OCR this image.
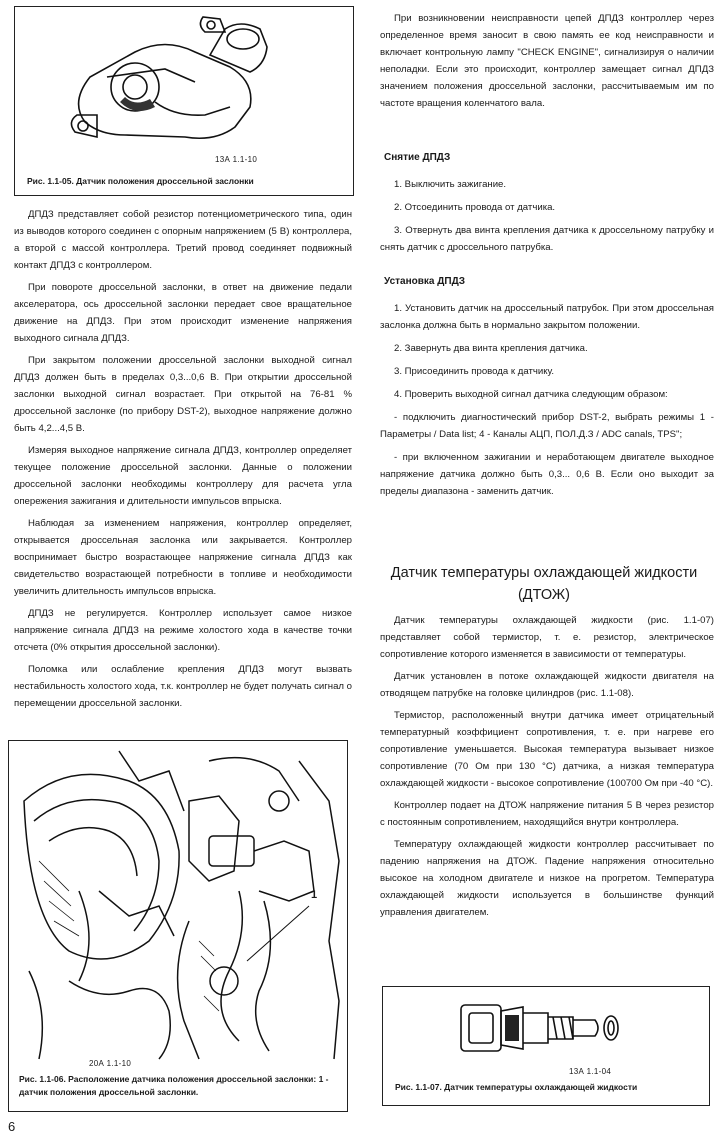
13А 1.1-10
Рис. 1.1-05. Датчик положения дроссельной заслонки

ДПДЗ представляет собой резистор потенциометрического типа, один из выводов которого соединен с опорным напряжением (5 В) контроллера, а второй с массой контроллера. Третий провод соединяет подвижный контакт ДПДЗ с контроллером.

При повороте дроссельной заслонки, в ответ на движение педали акселератора, ось дроссельной заслонки передает свое вращательное движение на ДПДЗ. При этом происходит изменение напряжения выходного сигнала ДПДЗ.

При закрытом положении дроссельной заслонки выходной сигнал ДПДЗ должен быть в пределах 0,3...0,6 В. При открытии дроссельной заслонки выходной сигнал возрастает. При открытой на 76-81 % дроссельной заслонке (по прибору DST-2), выходное напряжение должно быть 4,2...4,5 В.

Измеряя выходное напряжение сигнала ДПДЗ, контроллер определяет текущее положение дроссельной заслонки. Данные о положении дроссельной заслонки необходимы контроллеру для расчета угла опережения зажигания и длительности импульсов впрыска.

Наблюдая за изменением напряжения, контроллер определяет, открывается дроссельная заслонка или закрывается. Контроллер воспринимает быстро возрастающее напряжение сигнала ДПДЗ как свидетельство возрастающей потребности в топливе и необходимости увеличить длительность импульсов впрыска.

ДПДЗ не регулируется. Контроллер использует самое низкое напряжение сигнала ДПДЗ на режиме холостого хода в качестве точки отсчета (0% открытия дроссельной заслонки).

Поломка или ослабление крепления ДПДЗ могут вызвать нестабильность холостого хода, т.к. контроллер не будет получать сигнал о перемещении дроссельной заслонки.

1
20А 1.1-10
Рис. 1.1-06. Расположение датчика положения дроссельной заслонки: 1 - датчик положения дроссельной заслонки.

При возникновении неисправности цепей ДПДЗ контроллер через определенное время заносит в свою память ее код неисправности и включает контрольную лампу "CHECK ENGINE", сигнализируя о наличии неполадки. Если это происходит, контроллер замещает сигнал ДПДЗ значением положения дроссельной заслонки, рассчитываемым им по частоте вращения коленчатого вала.

Снятие ДПДЗ

1. Выключить зажигание.

2. Отсоединить провода от датчика.

3. Отвернуть два винта крепления датчика к дроссельному патрубку и снять датчик с дроссельного патрубка.

Установка ДПДЗ

1. Установить датчик на дроссельный патрубок. При этом дроссельная заслонка должна быть в нормально закрытом положении.

2. Завернуть два винта крепления датчика.

3. Присоединить провода к датчику.

4. Проверить выходной сигнал датчика следующим образом:

- подключить диагностический прибор DST-2, выбрать режимы 1 - Параметры / Data list; 4 - Каналы АЦП, ПОЛ.Д.З / ADC canals, TPS";

- при включенном зажигании и неработающем двигателе выходное напряжение датчика должно быть 0,3... 0,6 В. Если оно выходит за пределы диапазона - заменить датчик.

Датчик температуры охлаждающей жидкости
(ДТОЖ)

Датчик температуры охлаждающей жидкости (рис. 1.1-07) представляет собой термистор, т. е. резистор, электрическое сопротивление которого изменяется в зависимости от температуры.

Датчик установлен в потоке охлаждающей жидкости двигателя на отводящем патрубке на головке цилиндров (рис. 1.1-08).

Термистор, расположенный внутри датчика имеет отрицательный температурный коэффициент сопротивления, т. е. при нагреве его сопротивление уменьшается. Высокая температура вызывает низкое сопротивление (70 Ом при 130 °С) датчика, а низкая температура охлаждающей жидкости - высокое сопротивление (100700 Ом при -40 °С).

Контроллер подает на ДТОЖ напряжение питания 5 В через резистор с постоянным сопротивлением, находящийся внутри контроллера.

Температуру охлаждающей жидкости контроллер рассчитывает по падению напряжения на ДТОЖ. Падение напряжения относительно высокое на холодном двигателе и низкое на прогретом. Температура охлаждающей жидкости используется в большинстве функций управления двигателем.

13А 1.1-04
Рис. 1.1-07. Датчик температуры охлаждающей жидкости
6
